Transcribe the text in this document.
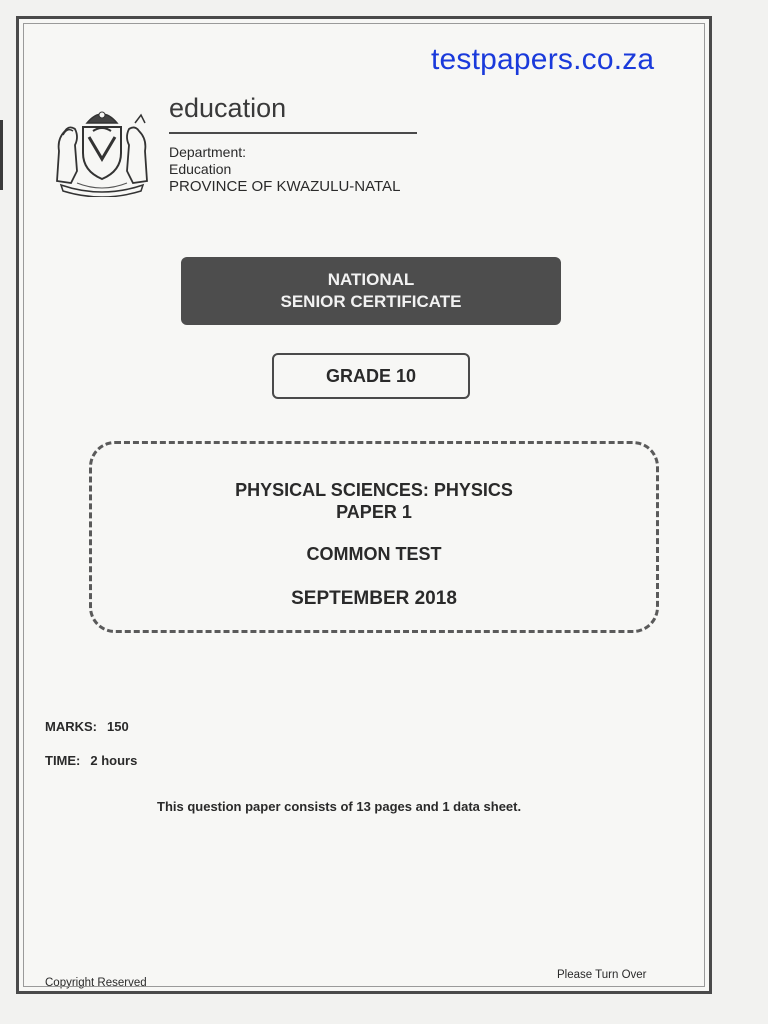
testpapers.co.za
education
Department:
Education
PROVINCE OF KWAZULU-NATAL
NATIONAL
SENIOR CERTIFICATE
GRADE 10
PHYSICAL SCIENCES: PHYSICS
PAPER 1
COMMON TEST
SEPTEMBER 2018
MARKS: 150
TIME: 2 hours
This question paper consists of 13 pages and 1 data sheet.
Copyright Reserved
Please Turn Over
